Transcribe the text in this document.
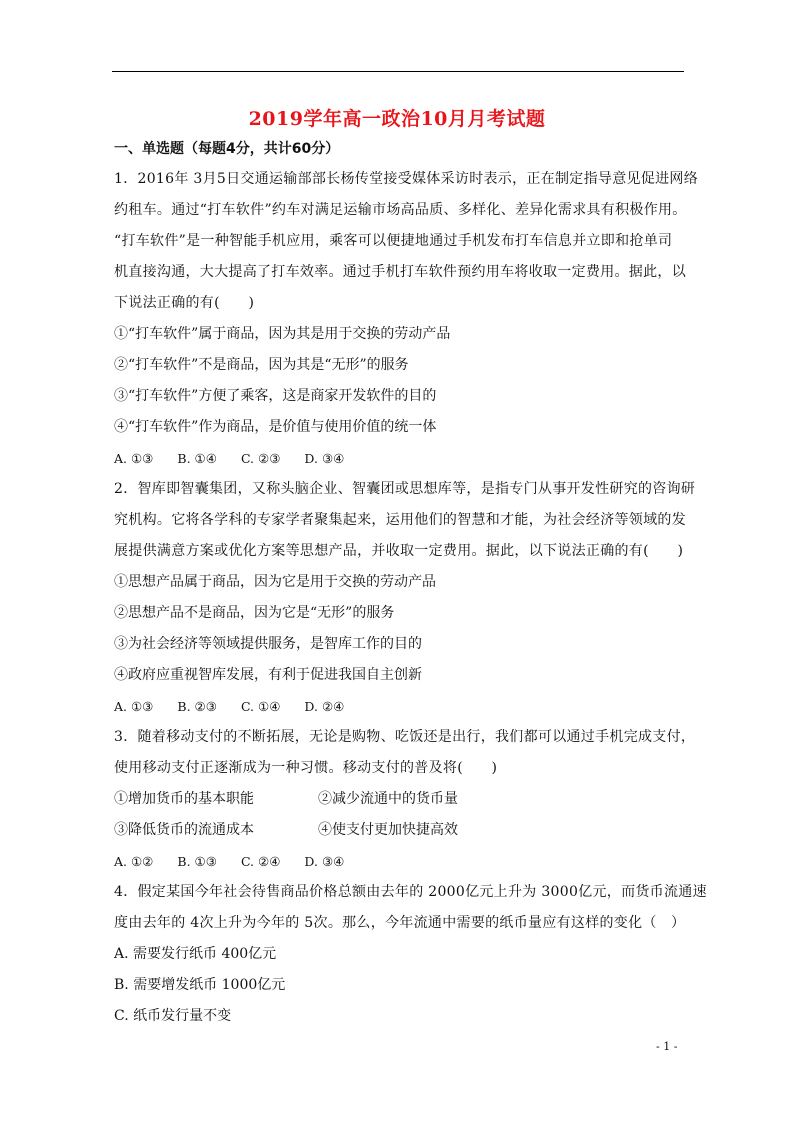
2019学年高一政治10月月考试题
一、单选题（每题4分，共计60分）
1．2016年 3月5日交通运输部部长杨传堂接受媒体采访时表示，正在制定指导意见促进网络
约租车。通过“打车软件”约车对满足运输市场高品质、多样化、差异化需求具有积极作用。
“打车软件”是一种智能手机应用，乘客可以便捷地通过手机发布打车信息并立即和抢单司
机直接沟通，大大提高了打车效率。通过手机打车软件预约用车将收取一定费用。据此，以
下说法正确的有(　　)
①“打车软件”属于商品，因为其是用于交换的劳动产品
②“打车软件”不是商品，因为其是“无形”的服务
③“打车软件”方便了乘客，这是商家开发软件的目的
④“打车软件”作为商品，是价值与使用价值的统一体
A. ①③ B. ①④ C. ②③ D. ③④
2．智库即智囊集团，又称头脑企业、智囊团或思想库等，是指专门从事开发性研究的咨询研
究机构。它将各学科的专家学者聚集起来，运用他们的智慧和才能，为社会经济等领域的发
展提供满意方案或优化方案等思想产品，并收取一定费用。据此，以下说法正确的有(　　)
①思想产品属于商品，因为它是用于交换的劳动产品
②思想产品不是商品，因为它是“无形”的服务
③为社会经济等领域提供服务，是智库工作的目的
④政府应重视智库发展，有利于促进我国自主创新
A. ①③ B. ②③ C. ①④ D. ②④
3．随着移动支付的不断拓展，无论是购物、吃饭还是出行，我们都可以通过手机完成支付，
使用移动支付正逐渐成为一种习惯。移动支付的普及将(　　)
①增加货币的基本职能	②减少流通中的货币量
③降低货币的流通成本	④使支付更加快捷高效
A. ①② B. ①③ C. ②④ D. ③④
4．假定某国今年社会待售商品价格总额由去年的 2000亿元上升为 3000亿元，而货币流通速
度由去年的 4次上升为今年的 5次。那么，今年流通中需要的纸币量应有这样的变化（　）
A. 需要发行纸币 400亿元
B. 需要增发纸币 1000亿元
C. 纸币发行量不变
- 1 -
